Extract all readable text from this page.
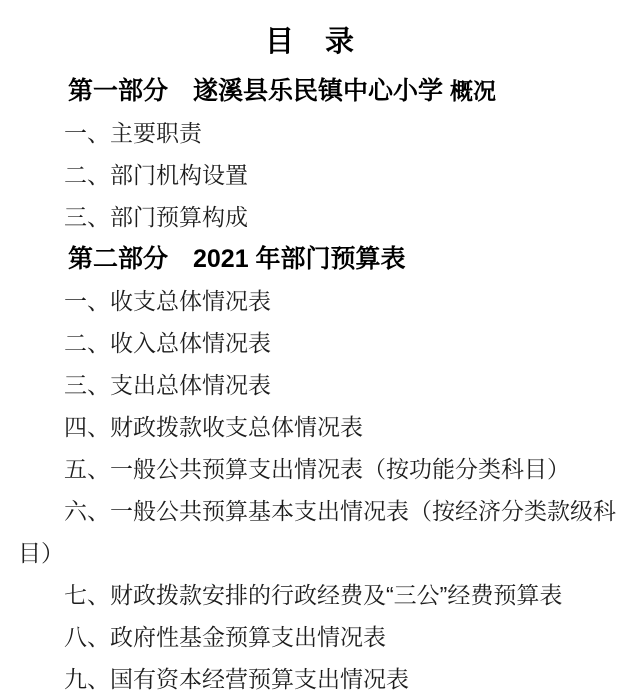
目　录

第一部分　遂溪县乐民镇中心小学 概况

一、主要职责

二、部门机构设置

三、部门预算构成

第二部分　2021 年部门预算表

一、收支总体情况表

二、收入总体情况表

三、支出总体情况表

四、财政拨款收支总体情况表

五、一般公共预算支出情况表（按功能分类科目）

六、一般公共预算基本支出情况表（按经济分类款级科目）

七、财政拨款安排的行政经费及“三公”经费预算表

八、政府性基金预算支出情况表

九、国有资本经营预算支出情况表
